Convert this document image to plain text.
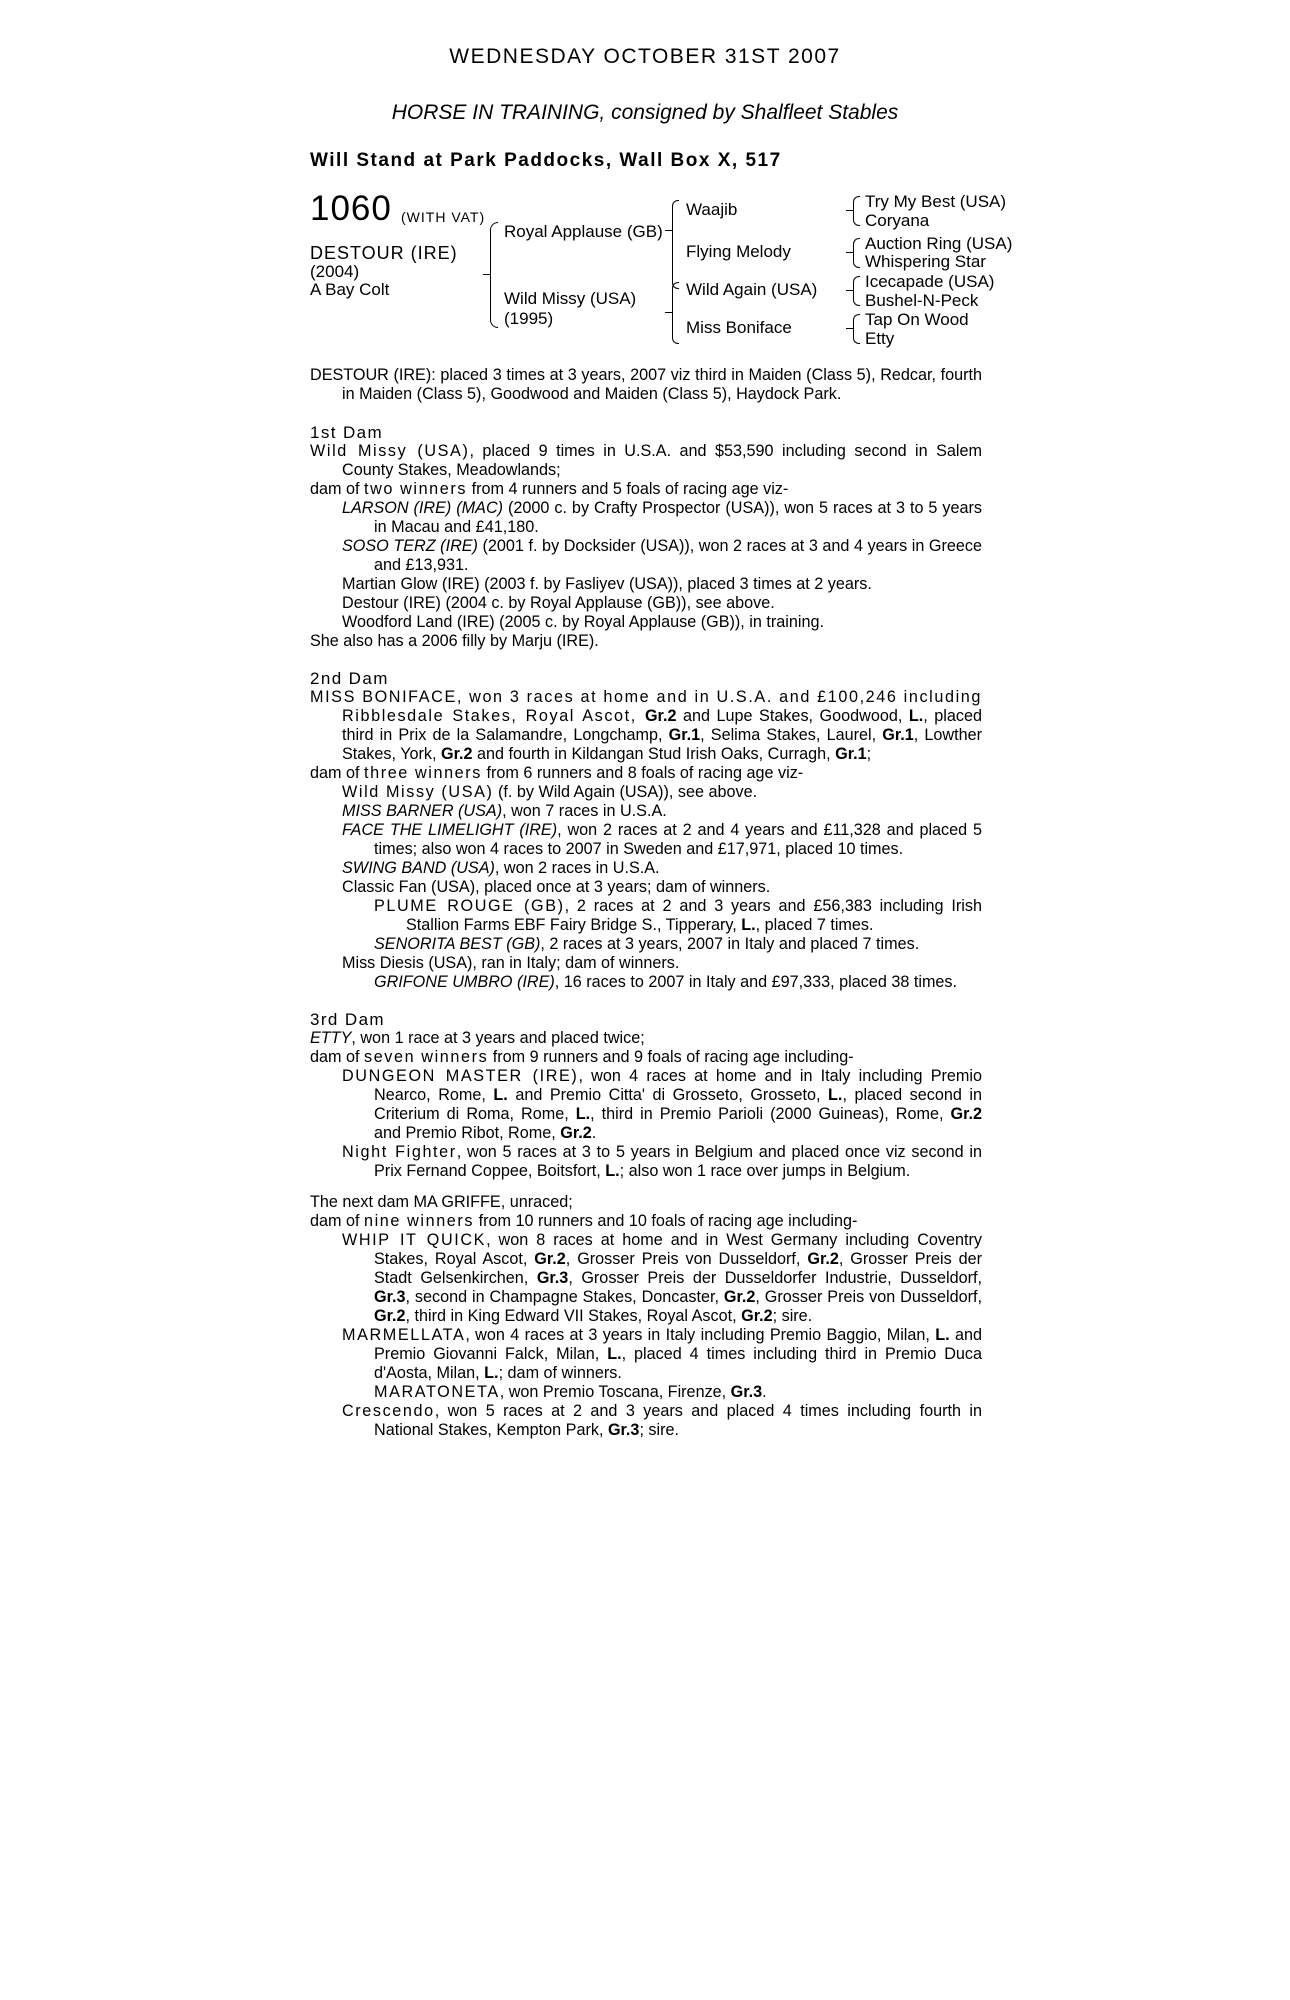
WEDNESDAY OCTOBER 31ST 2007
HORSE IN TRAINING, consigned by Shalfleet Stables
Will Stand at Park Paddocks, Wall Box X, 517
1060 (WITH VAT)
DESTOUR (IRE)
(2004)
A Bay Colt
Royal Applause (GB)
Wild Missy (USA)
(1995)
Waajib
Flying Melody
Wild Again (USA)
Miss Boniface
Try My Best (USA)
Coryana
Auction Ring (USA)
Whispering Star
Icecapade (USA)
Bushel-N-Peck
Tap On Wood
Etty

DESTOUR (IRE): placed 3 times at 3 years, 2007 viz third in Maiden (Class 5), Redcar, fourth in Maiden (Class 5), Goodwood and Maiden (Class 5), Haydock Park.

1st Dam

Wild Missy (USA), placed 9 times in U.S.A. and $53,590 including second in Salem County Stakes, Meadowlands;

dam of two winners from 4 runners and 5 foals of racing age viz-

LARSON (IRE) (MAC) (2000 c. by Crafty Prospector (USA)), won 5 races at 3 to 5 years in Macau and £41,180.

SOSO TERZ (IRE) (2001 f. by Docksider (USA)), won 2 races at 3 and 4 years in Greece and £13,931.

Martian Glow (IRE) (2003 f. by Fasliyev (USA)), placed 3 times at 2 years.

Destour (IRE) (2004 c. by Royal Applause (GB)), see above.

Woodford Land (IRE) (2005 c. by Royal Applause (GB)), in training.

She also has a 2006 filly by Marju (IRE).

2nd Dam

MISS BONIFACE, won 3 races at home and in U.S.A. and £100,246 including Ribblesdale Stakes, Royal Ascot, Gr.2 and Lupe Stakes, Goodwood, L., placed third in Prix de la Salamandre, Longchamp, Gr.1, Selima Stakes, Laurel, Gr.1, Lowther Stakes, York, Gr.2 and fourth in Kildangan Stud Irish Oaks, Curragh, Gr.1;

dam of three winners from 6 runners and 8 foals of racing age viz-

Wild Missy (USA) (f. by Wild Again (USA)), see above.

MISS BARNER (USA), won 7 races in U.S.A.

FACE THE LIMELIGHT (IRE), won 2 races at 2 and 4 years and £11,328 and placed 5 times; also won 4 races to 2007 in Sweden and £17,971, placed 10 times.

SWING BAND (USA), won 2 races in U.S.A.

Classic Fan (USA), placed once at 3 years; dam of winners.

PLUME ROUGE (GB), 2 races at 2 and 3 years and £56,383 including Irish Stallion Farms EBF Fairy Bridge S., Tipperary, L., placed 7 times.

SENORITA BEST (GB), 2 races at 3 years, 2007 in Italy and placed 7 times.

Miss Diesis (USA), ran in Italy; dam of winners.

GRIFONE UMBRO (IRE), 16 races to 2007 in Italy and £97,333, placed 38 times.

3rd Dam

ETTY, won 1 race at 3 years and placed twice;

dam of seven winners from 9 runners and 9 foals of racing age including-

DUNGEON MASTER (IRE), won 4 races at home and in Italy including Premio Nearco, Rome, L. and Premio Citta' di Grosseto, Grosseto, L., placed second in Criterium di Roma, Rome, L., third in Premio Parioli (2000 Guineas), Rome, Gr.2 and Premio Ribot, Rome, Gr.2.

Night Fighter, won 5 races at 3 to 5 years in Belgium and placed once viz second in Prix Fernand Coppee, Boitsfort, L.; also won 1 race over jumps in Belgium.

The next dam MA GRIFFE, unraced;

dam of nine winners from 10 runners and 10 foals of racing age including-

WHIP IT QUICK, won 8 races at home and in West Germany including Coventry Stakes, Royal Ascot, Gr.2, Grosser Preis von Dusseldorf, Gr.2, Grosser Preis der Stadt Gelsenkirchen, Gr.3, Grosser Preis der Dusseldorfer Industrie, Dusseldorf, Gr.3, second in Champagne Stakes, Doncaster, Gr.2, Grosser Preis von Dusseldorf, Gr.2, third in King Edward VII Stakes, Royal Ascot, Gr.2; sire.

MARMELLATA, won 4 races at 3 years in Italy including Premio Baggio, Milan, L. and Premio Giovanni Falck, Milan, L., placed 4 times including third in Premio Duca d'Aosta, Milan, L.; dam of winners.

MARATONETA, won Premio Toscana, Firenze, Gr.3.

Crescendo, won 5 races at 2 and 3 years and placed 4 times including fourth in National Stakes, Kempton Park, Gr.3; sire.
